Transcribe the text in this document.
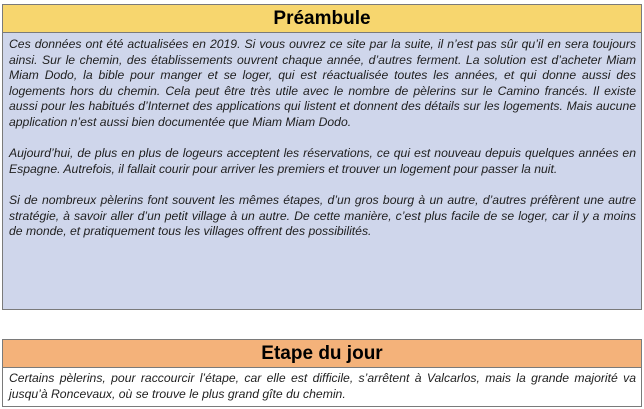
Préambule

Ces données ont été actualisées en 2019. Si vous ouvrez ce site par la suite, il n’est pas sûr qu’il en sera toujours ainsi. Sur le chemin, des établissements ouvrent chaque année, d’autres ferment. La solution est d’acheter Miam Miam Dodo, la bible pour manger et se loger, qui est réactualisée toutes les années, et qui donne aussi des logements hors du chemin. Cela peut être très utile avec le nombre de pèlerins sur le Camino francés. Il existe aussi pour les habitués d’Internet des applications qui listent et donnent des détails sur les logements. Mais aucune application n’est aussi bien documentée que Miam Miam Dodo.

Aujourd’hui, de plus en plus de logeurs acceptent les réservations, ce qui est nouveau depuis quelques années en Espagne. Autrefois, il fallait courir pour arriver les premiers et trouver un logement pour passer la nuit.

Si de nombreux pèlerins font souvent les mêmes étapes, d’un gros bourg à un autre, d’autres préfèrent une autre stratégie, à savoir aller d’un petit village à un autre. De cette manière, c’est plus facile de se loger, car il y a moins de monde, et pratiquement tous les villages offrent des possibilités.

Etape du jour

Certains pèlerins, pour raccourcir l’étape, car elle est difficile, s’arrêtent à Valcarlos, mais la grande majorité va jusqu’à Roncevaux, où se trouve le plus grand gîte du chemin.
